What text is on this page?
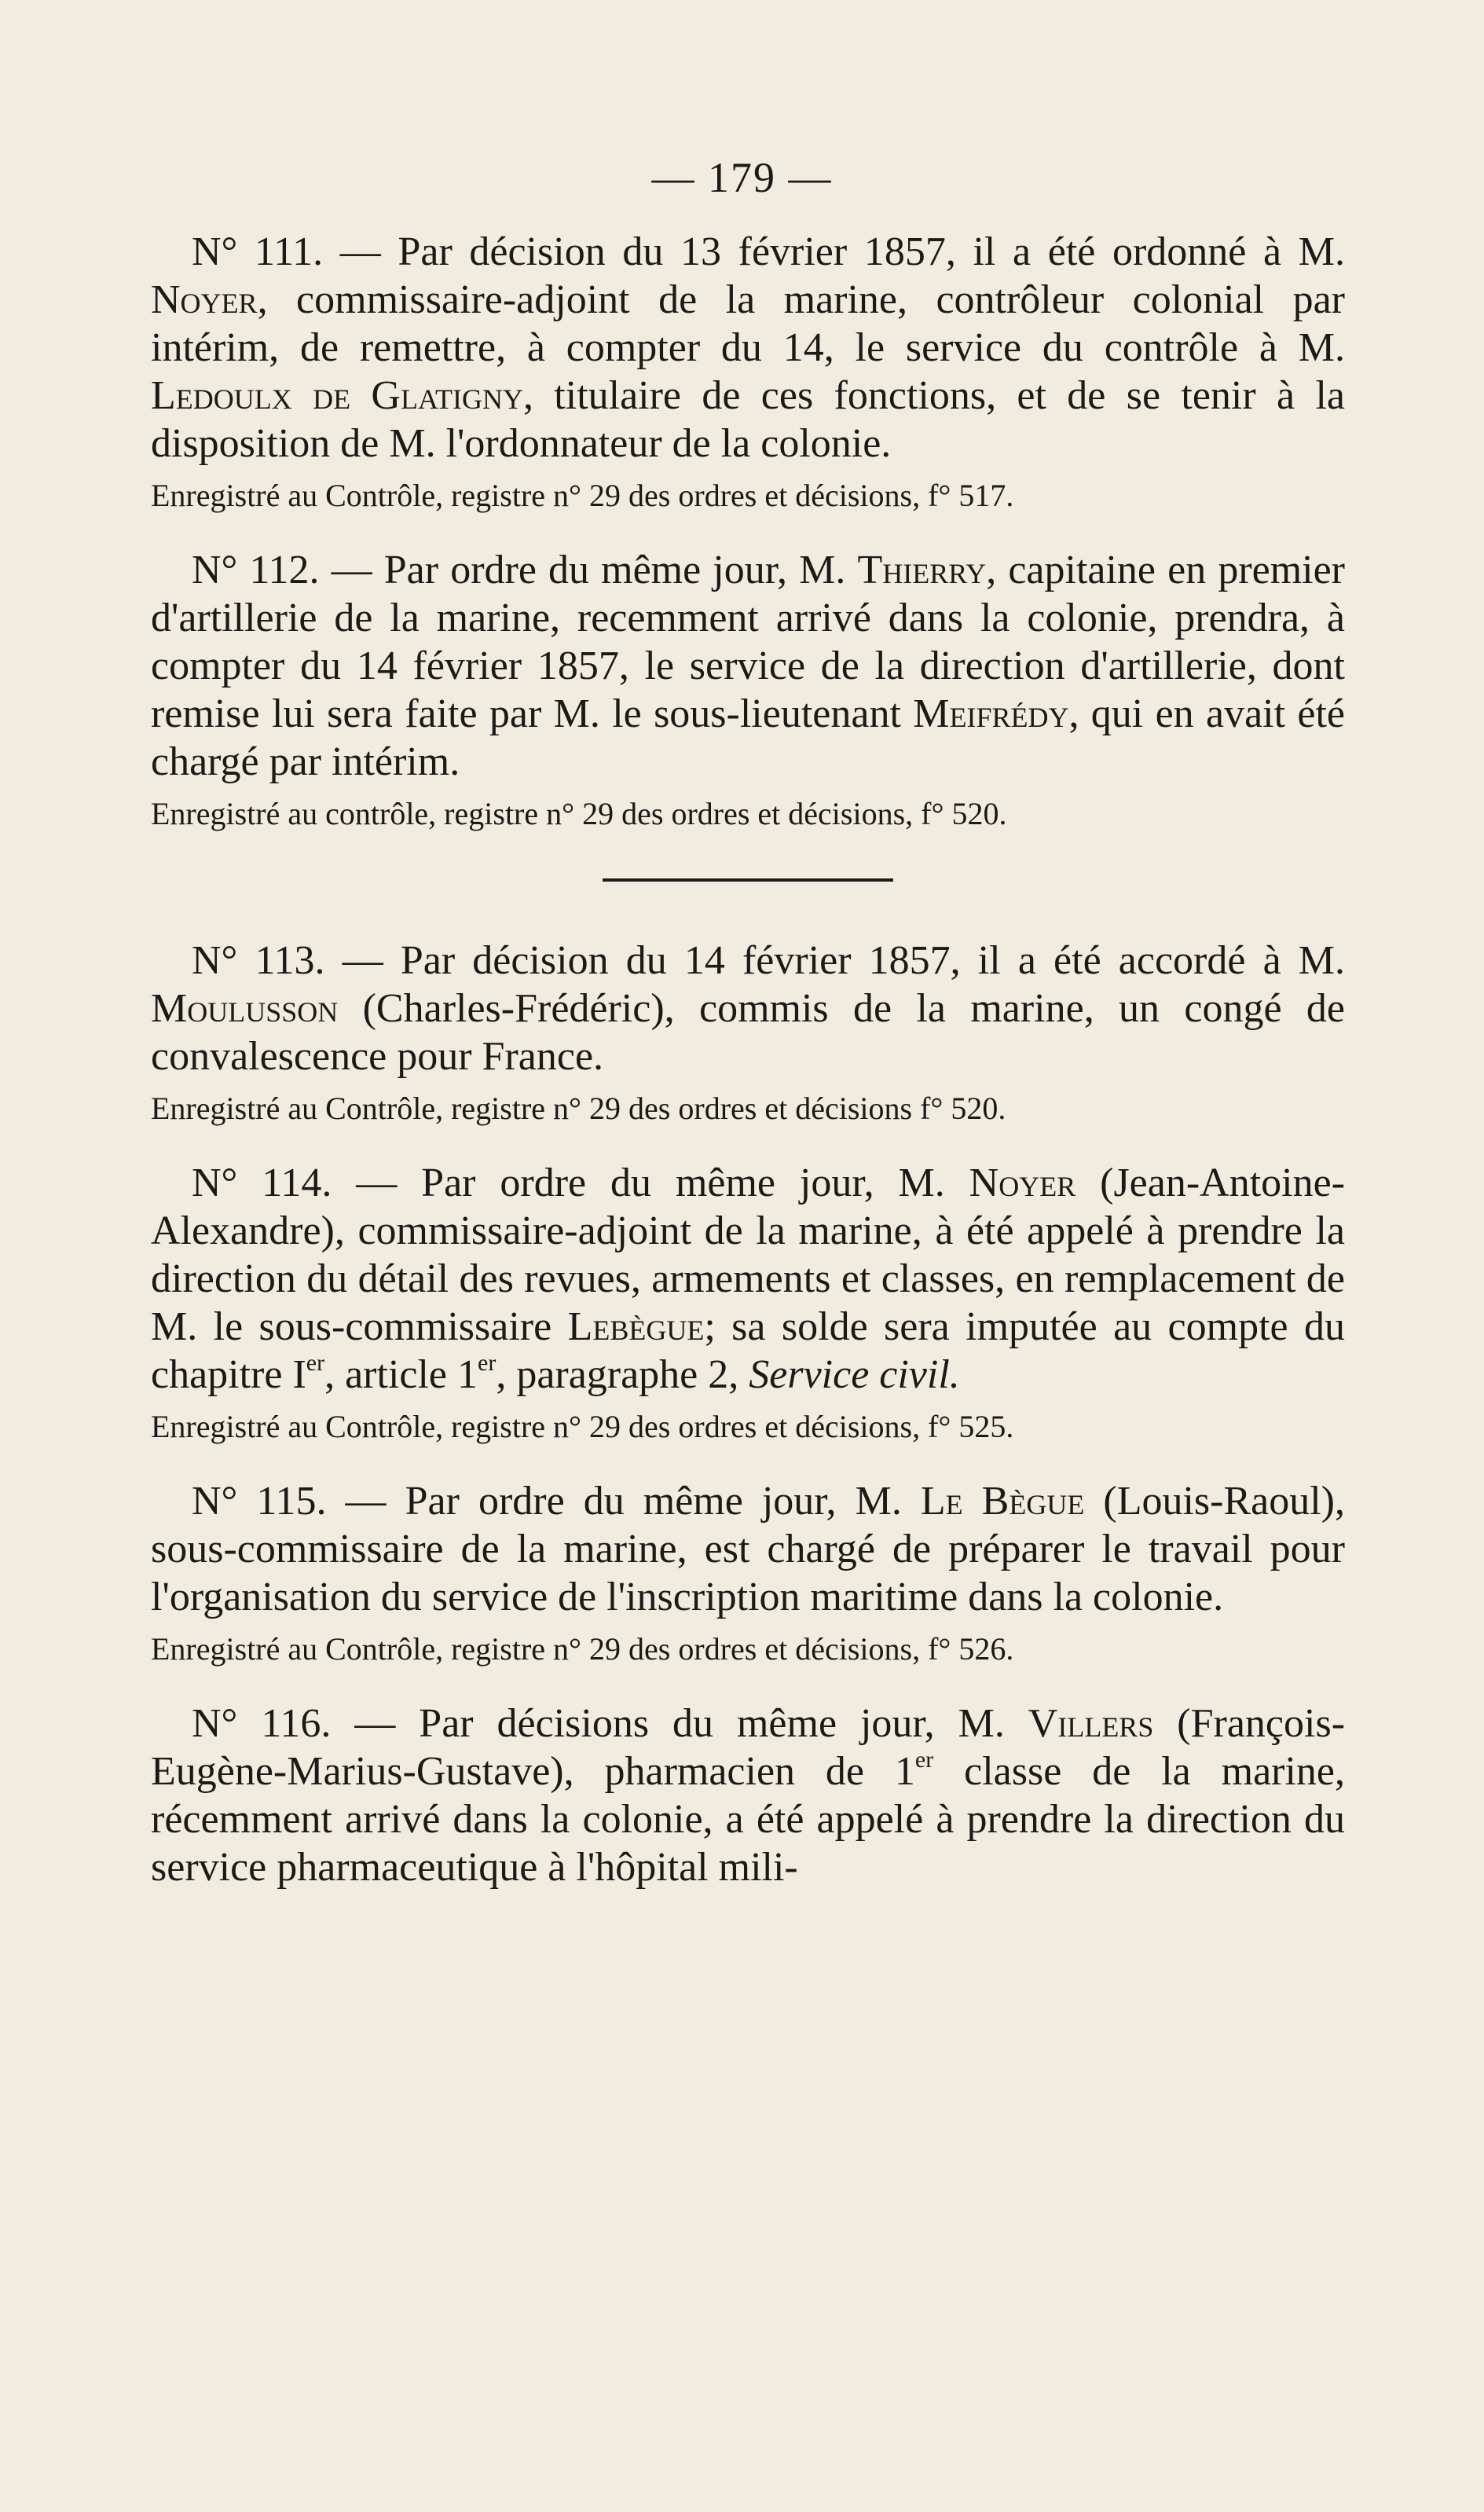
— 179 —

N° 111. — Par décision du 13 février 1857, il a été ordonné à M. Noyer, commissaire-adjoint de la marine, contrôleur colonial par intérim, de remettre, à compter du 14, le service du contrôle à M. Ledoulx de Glatigny, titulaire de ces fonctions, et de se tenir à la disposition de M. l'ordonnateur de la colonie.

Enregistré au Contrôle, registre n° 29 des ordres et décisions, f° 517.

N° 112. — Par ordre du même jour, M. Thierry, capitaine en premier d'artillerie de la marine, recemment arrivé dans la colonie, prendra, à compter du 14 février 1857, le service de la direction d'artillerie, dont remise lui sera faite par M. le sous-lieutenant Meifrédy, qui en avait été chargé par intérim.

Enregistré au contrôle, registre n° 29 des ordres et décisions, f° 520.

N° 113. — Par décision du 14 février 1857, il a été accordé à M. Moulusson (Charles-Frédéric), commis de la marine, un congé de convalescence pour France.

Enregistré au Contrôle, registre n° 29 des ordres et décisions f° 520.

N° 114. — Par ordre du même jour, M. Noyer (Jean-Antoine-Alexandre), commissaire-adjoint de la marine, à été appelé à prendre la direction du détail des revues, armements et classes, en remplacement de M. le sous-commissaire Lebègue; sa solde sera imputée au compte du chapitre Ier, article 1er, paragraphe 2, Service civil.

Enregistré au Contrôle, registre n° 29 des ordres et décisions, f° 525.

N° 115. — Par ordre du même jour, M. Le Bègue (Louis-Raoul), sous-commissaire de la marine, est chargé de préparer le travail pour l'organisation du service de l'inscription maritime dans la colonie.

Enregistré au Contrôle, registre n° 29 des ordres et décisions, f° 526.

N° 116. — Par décisions du même jour, M. Villers (François-Eugène-Marius-Gustave), pharmacien de 1er classe de la marine, récemment arrivé dans la colonie, a été appelé à prendre la direction du service pharmaceutique à l'hôpital mili-
